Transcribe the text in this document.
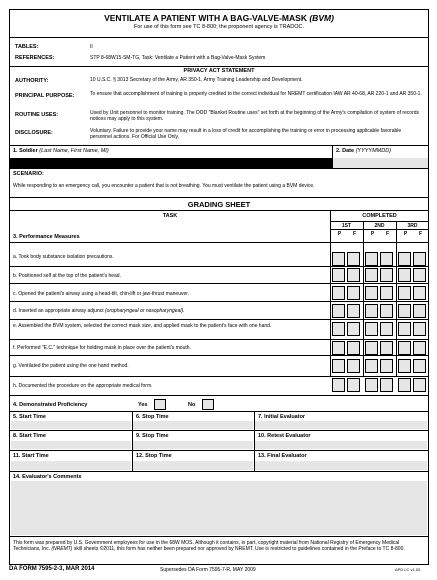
VENTILATE A PATIENT WITH A BAG-VALVE-MASK (BVM)
For use of this form see TC 8-800; the proponent agency is TRADOC.
TABLES:	II
REFERENCES:	STP 8-68W15-SM-TG, Task: Ventilate a Patient with a Bag-Valve-Mask System
PRIVACY ACT STATEMENT
AUTHORITY:	10 U.S.C. § 3013 Secretary of the Army, AR 350-1, Army Training Leadership and Development.
PRINCIPAL PURPOSE:	To ensure that accomplishment of training is properly credited to the correct individual for NREMT certification IAW AR 40-68, AR 220-1 and AR 350-1.
ROUTINE USES:	Used by Unit personnel to monitor training. The DOD "Blanket Routine uses" set forth at the beginning of the Army's compilation of system of records notices may apply to this system.
DISCLOSURE:	Voluntary. Failure to provide your name may result in a loss of credit for accomplishing the training or error in processing applicable favorable personnel actions. For Official Use Only.
1. Soldier (Last Name, First Name, MI)	2. Date (YYYYMMDD)
SCENARIO:
While responding to an emergency call, you encounter a patient that is not breathing. You must ventilate the patient using a BVM device.
GRADING SHEET
TASK	COMPLETED
1ST	2ND	3RD
P	F	P	F	P	F
3. Performance Measures
a. Took body substance isolation precautions.
b. Positioned self at the top of the patient's head.
c. Opened the patient's airway using a head-tilt, chin-lift or jaw-thrust maneuver.
d. Inserted an appropriate airway adjunct (oropharyngeal or nasopharyngeal).
e. Assembled the BVM system, selected the correct mask size, and applied mask to the patient's face with one hand.
f. Performed "E.C." technique for holding mask in place over the patient's mouth.
g. Ventilated the patient using the one hand method.
h. Documented the procedure on the appropriate medical form.
4. Demonstrated Proficiency	Yes	No
5. Start Time	6. Stop Time	7. Initial Evaluator
8. Start Time	9. Stop Time	10. Retest Evaluator
11. Start Time	12. Stop Time	13. Final Evaluator
14. Evaluator's Comments
This form was prepared by U.S. Government employees for use in the 68W MOS. Although it contains, in part, copyright material from National Registry of Emergency Medical Technicians, Inc. (NREMT) skill sheets ©2011, this form has neither been prepared nor approved by NREMT. Use is restricted to guidelines contained in the Preface to TC 8-800.
DA FORM 7595-2-3, MAR 2014	Supersedes DA Form 7595-7-R, MAY 2009	APD LC v1.00
